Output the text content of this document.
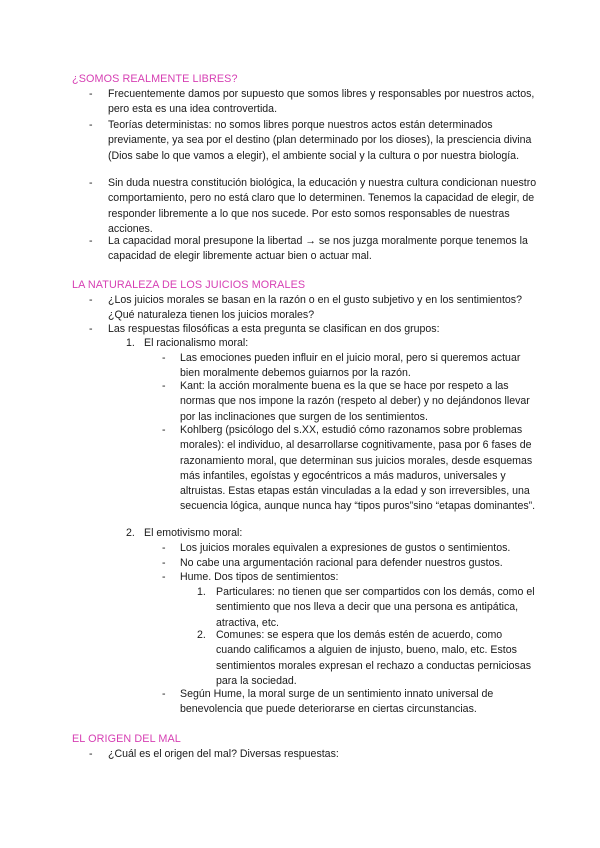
¿SOMOS REALMENTE LIBRES?
- Frecuentemente damos por supuesto que somos libres y responsables por nuestros actos, pero esta es una idea controvertida.
- Teorías deterministas: no somos libres porque nuestros actos están determinados previamente, ya sea por el destino (plan determinado por los dioses), la presciencia divina (Dios sabe lo que vamos a elegir), el ambiente social y la cultura o por nuestra biología.
- Sin duda nuestra constitución biológica, la educación y nuestra cultura condicionan nuestro comportamiento, pero no está claro que lo determinen. Tenemos la capacidad de elegir, de responder libremente a lo que nos sucede. Por esto somos responsables de nuestras acciones.
- La capacidad moral presupone la libertad → se nos juzga moralmente porque tenemos la capacidad de elegir libremente actuar bien o actuar mal.
LA NATURALEZA DE LOS JUICIOS MORALES
- ¿Los juicios morales se basan en la razón o en el gusto subjetivo y en los sentimientos? ¿Qué naturaleza tienen los juicios morales?
- Las respuestas filosóficas a esta pregunta se clasifican en dos grupos:
1. El racionalismo moral:
- Las emociones pueden influir en el juicio moral, pero si queremos actuar bien moralmente debemos guiarnos por la razón.
- Kant: la acción moralmente buena es la que se hace por respeto a las normas que nos impone la razón (respeto al deber) y no dejándonos llevar por las inclinaciones que surgen de los sentimientos.
- Kohlberg (psicólogo del s.XX, estudió cómo razonamos sobre problemas morales): el individuo, al desarrollarse cognitivamente, pasa por 6 fases de razonamiento moral, que determinan sus juicios morales, desde esquemas más infantiles, egoístas y egocéntricos a más maduros, universales y altruistas. Estas etapas están vinculadas a la edad y son irreversibles, una secuencia lógica, aunque nunca hay “tipos puros”sino “etapas dominantes”.
2. El emotivismo moral:
- Los juicios morales equivalen a expresiones de gustos o sentimientos.
- No cabe una argumentación racional para defender nuestros gustos.
- Hume. Dos tipos de sentimientos:
1. Particulares: no tienen que ser compartidos con los demás, como el sentimiento que nos lleva a decir que una persona es antipática, atractiva, etc.
2. Comunes: se espera que los demás estén de acuerdo, como cuando calificamos a alguien de injusto, bueno, malo, etc. Estos sentimientos morales expresan el rechazo a conductas perniciosas para la sociedad.
- Según Hume, la moral surge de un sentimiento innato universal de benevolencia que puede deteriorarse en ciertas circunstancias.
EL ORIGEN DEL MAL
- ¿Cuál es el origen del mal? Diversas respuestas:
